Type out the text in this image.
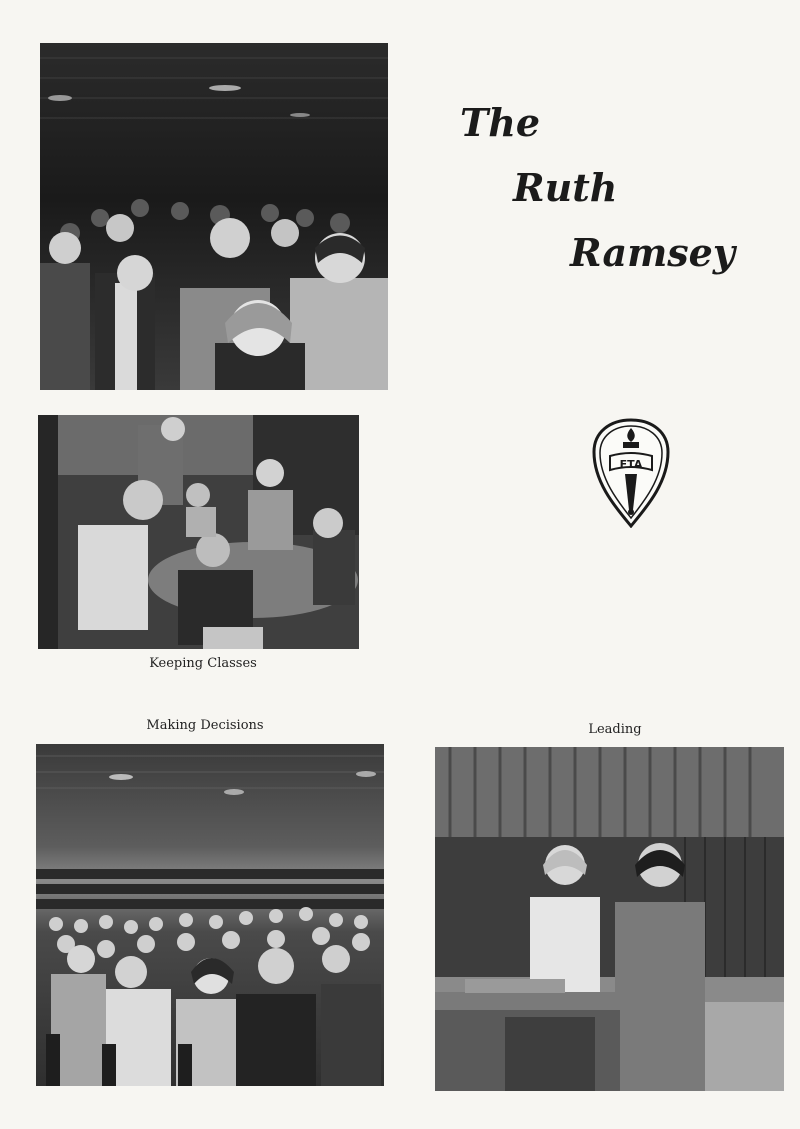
The
Ruth
Ramsey
FTA
Keeping Classes
Making Decisions	Leading
